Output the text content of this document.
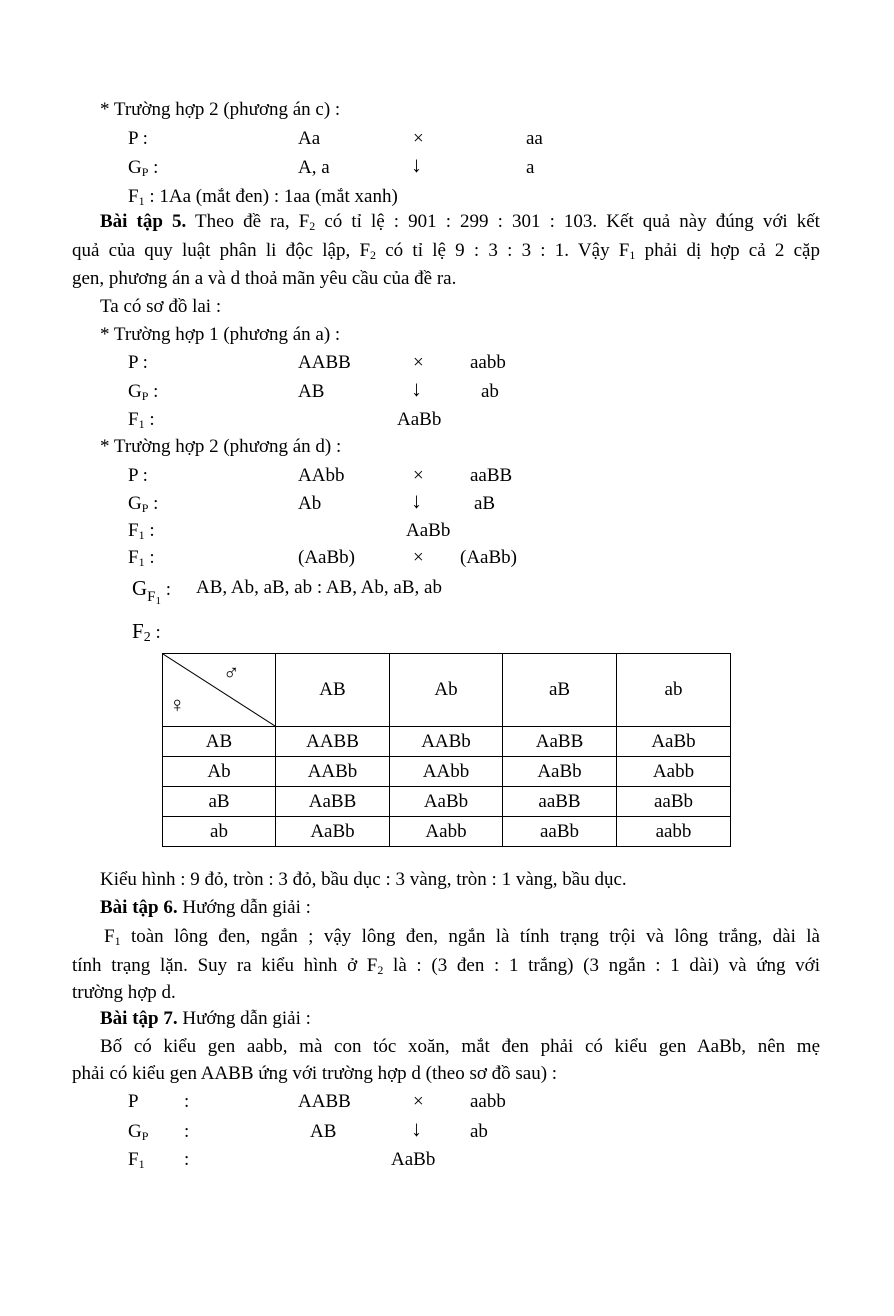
* Trường hợp 2 (phương án c) :
P :	Aa	×	aa
$G_P$ :	A, a	↓	a
$F_1$ : 1Aa (mắt đen) : 1aa (mắt xanh)
Bài tập 5. Theo đề ra, $F_2$ có tỉ lệ : 901 : 299 : 301 : 103. Kết quả này đúng với kết
quả của quy luật phân li độc lập, $F_2$ có tỉ lệ 9 : 3 : 3 : 1. Vậy $F_1$ phải dị hợp cả 2 cặp
gen, phương án a và d thoả mãn yêu cầu của đề ra.
Ta có sơ đồ lai :
* Trường hợp 1 (phương án a) :
P :	AABB	× aabb
$G_P$ :	AB	↓	ab
$F_1$ :	AaBb
* Trường hợp 2 (phương án d) :
P :	AAbb	× aaBB
$G_P$ :	Ab	↓	aB
$F_1$ :	AaBb
$F_1$ :	(AaBb)	× (AaBb)
$G_{F_1}$ : AB, Ab, aB, ab : AB, Ab, aB, ab
$F_2$ :
♂
♀	AB	Ab	aB	ab
AB	AABB	AABb	AaBB	AaBb
Ab	AABb	AAbb	AaBb	Aabb
aB	AaBB	AaBb	aaBB	aaBb
ab	AaBb	Aabb	aaBb	aabb
Kiểu hình : 9 đỏ, tròn : 3 đỏ, bầu dục : 3 vàng, tròn : 1 vàng, bầu dục.
Bài tập 6. Hướng dẫn giải :
$F_1$ toàn lông đen, ngắn ; vậy lông đen, ngắn là tính trạng trội và lông trắng, dài là
tính trạng lặn. Suy ra kiểu hình ở $F_2$ là : (3 đen : 1 trắng) (3 ngắn : 1 dài) và ứng với
trường hợp d.
Bài tập 7. Hướng dẫn giải :
Bố có kiểu gen aabb, mà con tóc xoăn, mắt đen phải có kiểu gen AaBb, nên mẹ
phải có kiểu gen AABB ứng với trường hợp d (theo sơ đồ sau) :
P :	AABB	× aabb
$G_P$ :	AB	↓	ab
$F_1$ :	AaBb
